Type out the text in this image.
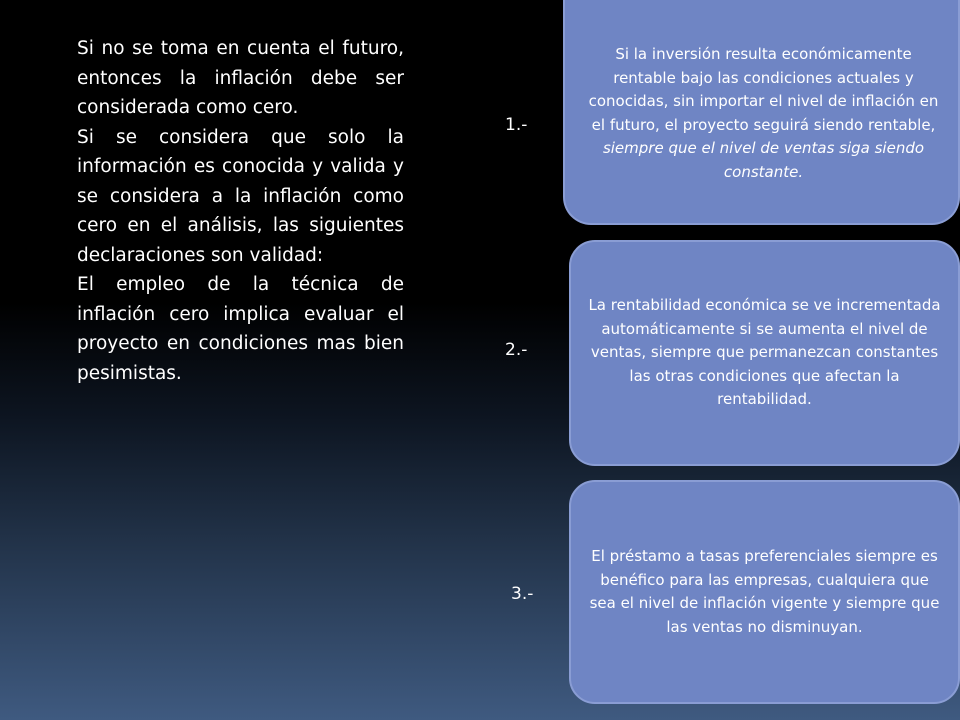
Si no se toma en cuenta el futuro, entonces la inflación debe ser considerada como cero.

Si se considera que solo la información es conocida y valida y se considera a la inflación como cero en el análisis, las siguientes declaraciones son validad:

El empleo de la técnica de inflación cero implica evaluar el proyecto en condiciones mas bien pesimistas.

1.-
2.-
3.-
Si la inversión resulta económicamente rentable bajo las condiciones actuales y conocidas, sin importar el nivel de inflación en el futuro, el proyecto seguirá siendo rentable, siempre que el nivel de ventas siga siendo constante.
La rentabilidad económica se ve incrementada automáticamente si se aumenta el nivel de ventas, siempre que permanezcan constantes las otras condiciones que afectan la rentabilidad.
El préstamo a tasas preferenciales siempre es benéfico para las empresas, cualquiera que sea el nivel de inflación vigente y siempre que las ventas no disminuyan.
